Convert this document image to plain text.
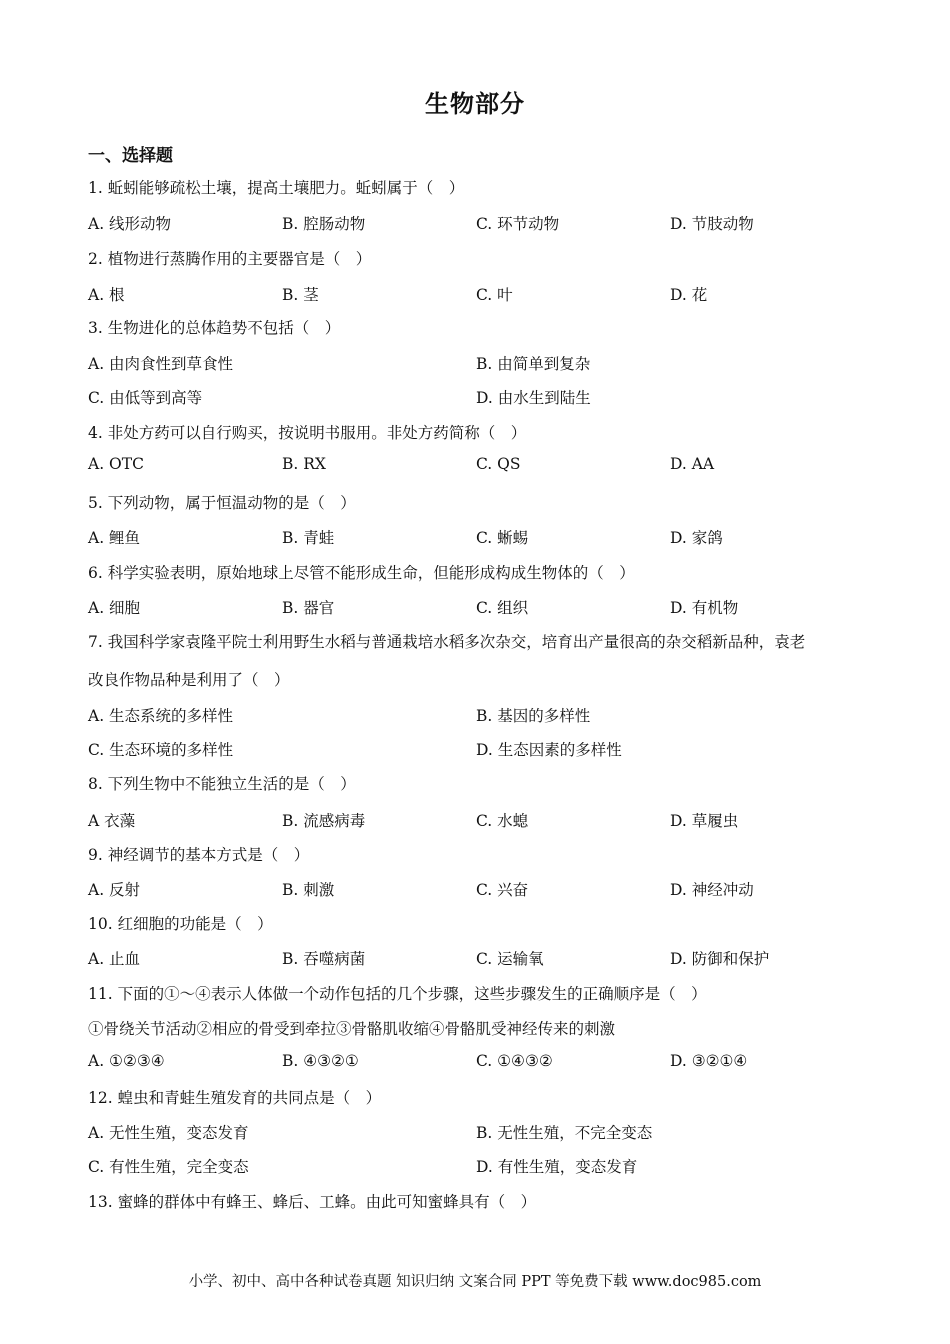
生物部分
一、选择题
1. 蚯蚓能够疏松土壤，提高土壤肥力。蚯蚓属于（　）
A. 线形动物	B. 腔肠动物	C. 环节动物	D. 节肢动物
2. 植物进行蒸腾作用的主要器官是（　）
A. 根	B. 茎	C. 叶	D. 花
3. 生物进化的总体趋势不包括（　）
A. 由肉食性到草食性	B. 由简单到复杂
C. 由低等到高等	D. 由水生到陆生
4. 非处方药可以自行购买，按说明书服用。非处方药简称（　）
A. OTC	B. RX	C. QS	D. AA
5. 下列动物，属于恒温动物的是（　）
A. 鲤鱼	B. 青蛙	C. 蜥蜴	D. 家鸽
6. 科学实验表明，原始地球上尽管不能形成生命，但能形成构成生物体的（　）
A. 细胞	B. 器官	C. 组织	D. 有机物
7. 我国科学家袁隆平院士利用野生水稻与普通栽培水稻多次杂交，培育出产量很高的杂交稻新品种，袁老
改良作物品种是利用了（　）
A. 生态系统的多样性	B. 基因的多样性
C. 生态环境的多样性	D. 生态因素的多样性
8. 下列生物中不能独立生活的是（　）
A 衣藻	B. 流感病毒	C. 水螅	D. 草履虫
9. 神经调节的基本方式是（　）
A. 反射	B. 刺激	C. 兴奋	D. 神经冲动
10. 红细胞的功能是（　）
A. 止血	B. 吞噬病菌	C. 运输氧	D. 防御和保护
11. 下面的①～④表示人体做一个动作包括的几个步骤，这些步骤发生的正确顺序是（　）
①骨绕关节活动②相应的骨受到牵拉③骨骼肌收缩④骨骼肌受神经传来的刺激
A. ①②③④	B. ④③②①	C. ①④③②	D. ③②①④
12. 蝗虫和青蛙生殖发育的共同点是（　）
A. 无性生殖，变态发育	B. 无性生殖，不完全变态
C. 有性生殖，完全变态	D. 有性生殖，变态发育
13. 蜜蜂的群体中有蜂王、蜂后、工蜂。由此可知蜜蜂具有（　）
小学、初中、高中各种试卷真题 知识归纳 文案合同 PPT 等免费下载 www.doc985.com
